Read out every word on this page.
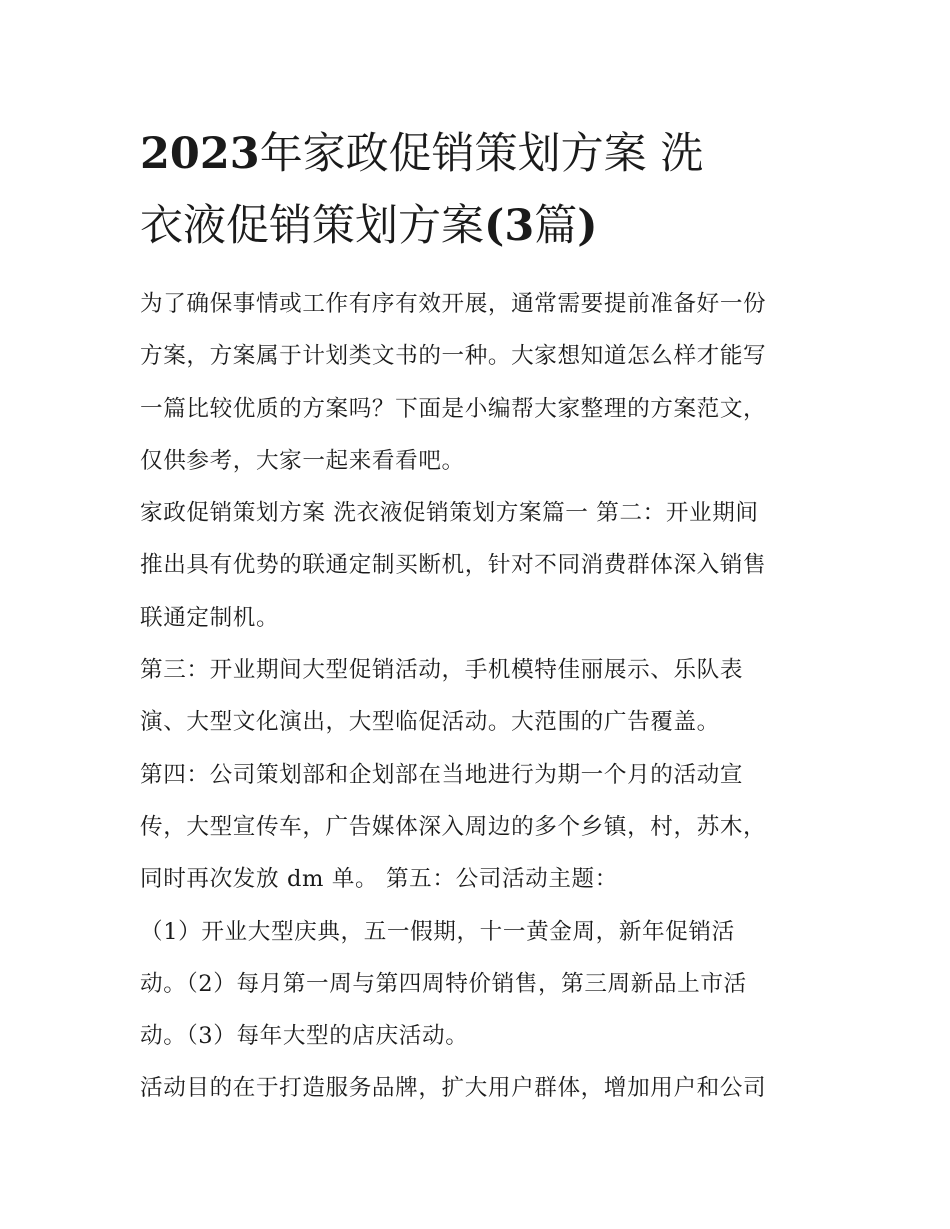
2023年家政促销策划方案 洗
衣液促销策划方案(3篇)

为了确保事情或工作有序有效开展，通常需要提前准备好一份
方案，方案属于计划类文书的一种。大家想知道怎么样才能写
一篇比较优质的方案吗？下面是小编帮大家整理的方案范文，
仅供参考，大家一起来看看吧。

家政促销策划方案 洗衣液促销策划方案篇一 第二：开业期间
推出具有优势的联通定制买断机，针对不同消费群体深入销售
联通定制机。

第三：开业期间大型促销活动，手机模特佳丽展示、乐队表
演、大型文化演出，大型临促活动。大范围的广告覆盖。

第四：公司策划部和企划部在当地进行为期一个月的活动宣
传，大型宣传车，广告媒体深入周边的多个乡镇，村，苏木，
同时再次发放 dm 单。 第五：公司活动主题：

（1）开业大型庆典，五一假期，十一黄金周，新年促销活
动。（2）每月第一周与第四周特价销售，第三周新品上市活
动。（3）每年大型的店庆活动。

活动目的在于打造服务品牌，扩大用户群体，增加用户和公司
